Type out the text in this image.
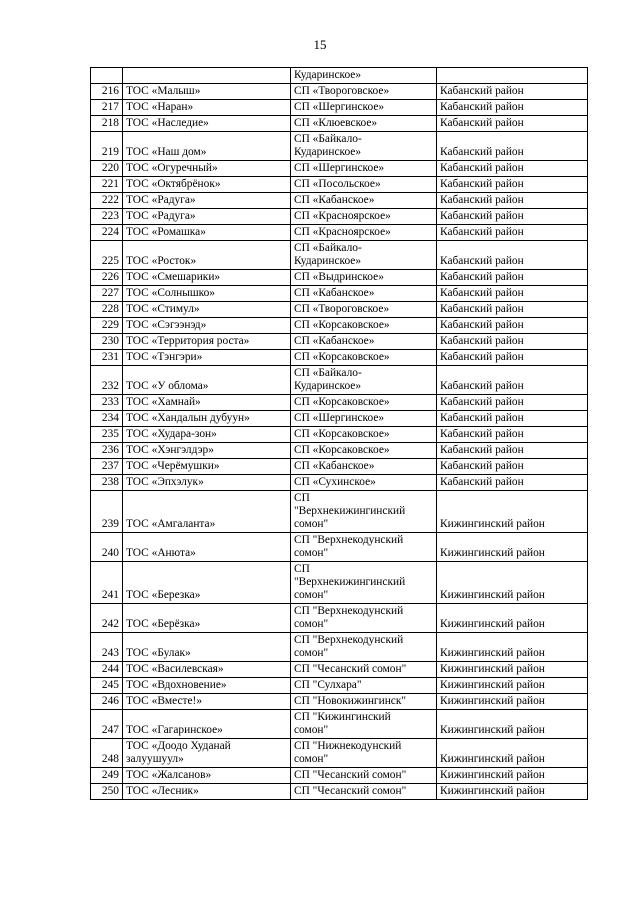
15
		Кударинское»	
216	ТОС «Малыш»	СП «Твороговское»	Кабанский район
217	ТОС «Наран»	СП «Шергинское»	Кабанский район
218	ТОС «Наследие»	СП «Клюевское»	Кабанский район
219	ТОС «Наш дом»	СП «Байкало-
Кударинское»	Кабанский район
220	ТОС «Огуречный»	СП «Шергинское»	Кабанский район
221	ТОС «Октябрёнок»	СП «Посольское»	Кабанский район
222	ТОС «Радуга»	СП «Кабанское»	Кабанский район
223	ТОС «Радуга»	СП «Красноярское»	Кабанский район
224	ТОС «Ромашка»	СП «Красноярское»	Кабанский район
225	ТОС «Росток»	СП «Байкало-
Кударинское»	Кабанский район
226	ТОС «Смешарики»	СП «Выдринское»	Кабанский район
227	ТОС «Солнышко»	СП «Кабанское»	Кабанский район
228	ТОС «Стимул»	СП «Твороговское»	Кабанский район
229	ТОС «Сэгээнэд»	СП «Корсаковское»	Кабанский район
230	ТОС «Территория роста»	СП «Кабанское»	Кабанский район
231	ТОС «Тэнгэри»	СП «Корсаковское»	Кабанский район
232	ТОС «У облома»	СП «Байкало-
Кударинское»	Кабанский район
233	ТОС «Хамнай»	СП «Корсаковское»	Кабанский район
234	ТОС «Хандалын дубуун»	СП «Шергинское»	Кабанский район
235	ТОС «Худара-зон»	СП «Корсаковское»	Кабанский район
236	ТОС «Хэнгэлдэр»	СП «Корсаковское»	Кабанский район
237	ТОС «Черёмушки»	СП «Кабанское»	Кабанский район
238	ТОС «Эпхэлук»	СП «Сухинское»	Кабанский район
239	ТОС «Амгаланта»	СП
"Верхнекижингинский
сомон"	Кижингинский район
240	ТОС «Анюта»	СП "Верхнекодунский
сомон"	Кижингинский район
241	ТОС «Березка»	СП
"Верхнекижингинский
сомон"	Кижингинский район
242	ТОС «Берёзка»	СП "Верхнекодунский
сомон"	Кижингинский район
243	ТОС «Булак»	СП "Верхнекодунский
сомон"	Кижингинский район
244	ТОС «Василевская»	СП "Чесанский сомон"	Кижингинский район
245	ТОС «Вдохновение»	СП "Сулхара"	Кижингинский район
246	ТОС «Вместе!»	СП "Новокижингинск"	Кижингинский район
247	ТОС «Гагаринское»	СП "Кижингинский
сомон"	Кижингинский район
248	ТОС «Доодо Худанай
залуушуул»	СП "Нижнекодунский
сомон"	Кижингинский район
249	ТОС «Жалсанов»	СП "Чесанский сомон"	Кижингинский район
250	ТОС «Лесник»	СП "Чесанский сомон"	Кижингинский район
